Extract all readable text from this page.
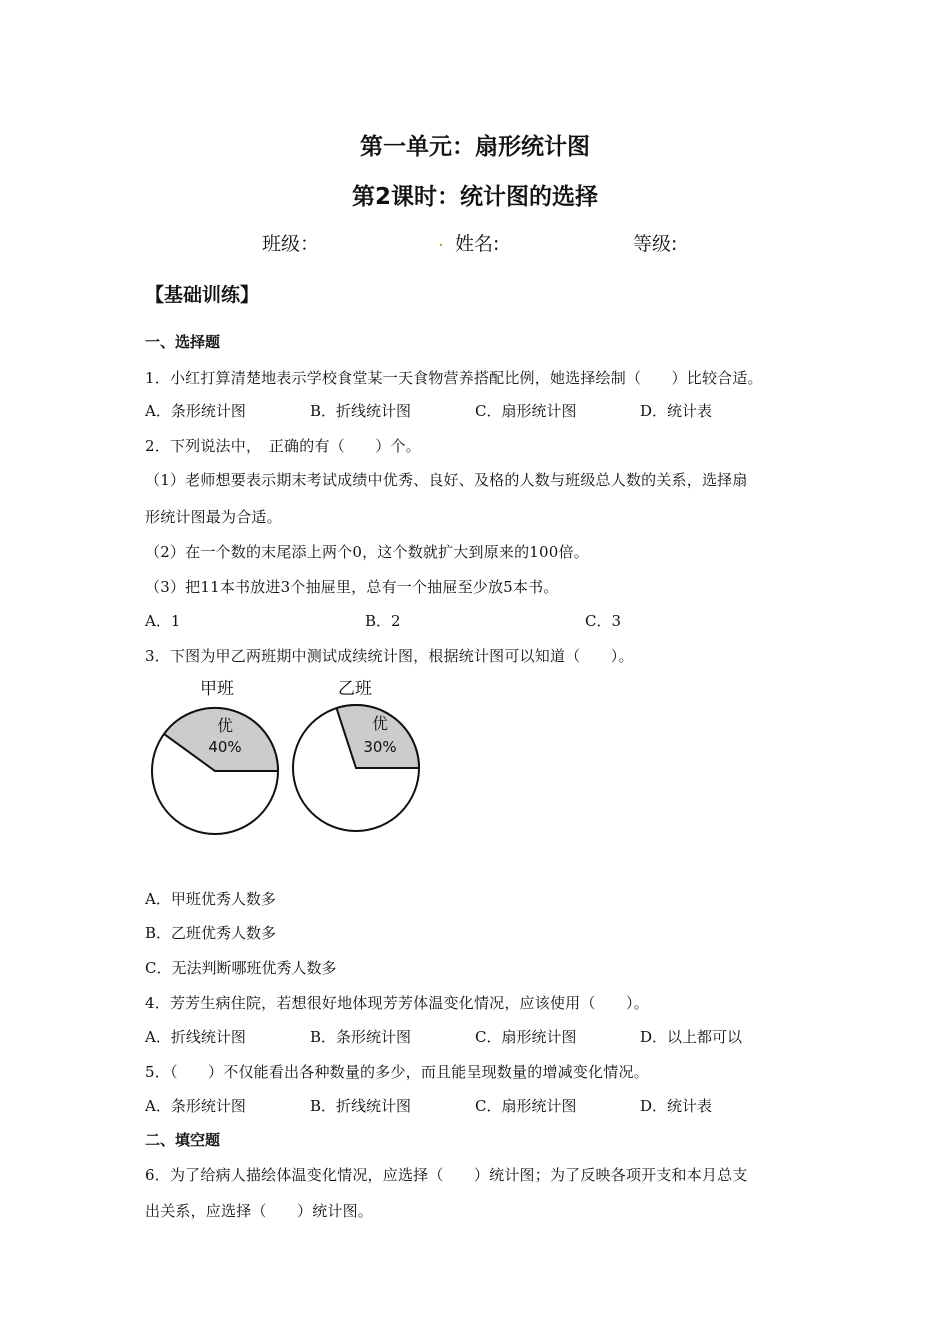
第一单元：扇形统计图
第2课时：统计图的选择
班级：	. 姓名:	等级:
【基础训练】
一、选择题
1．小红打算清楚地表示学校食堂某一天食物营养搭配比例，她选择绘制（　　）比较合适。
A．条形统计图	B．折线统计图	C．扇形统计图	D．统计表
2．下列说法中，　正确的有（　　）个。
（1）老师想要表示期末考试成绩中优秀、良好、及格的人数与班级总人数的关系，选择扇
形统计图最为合适。
（2）在一个数的末尾添上两个0，这个数就扩大到原来的100倍。
（3）把11本书放进3个抽屉里，总有一个抽屉至少放5本书。
A．1	B．2	C．3
3．下图为甲乙两班期中测试成续统计图，根据统计图可以知道（　　）。
甲班
优
40%
乙班
优
30%
A．甲班优秀人数多
B．乙班优秀人数多
C．无法判断哪班优秀人数多
4．芳芳生病住院，若想很好地体现芳芳体温变化情况，应该使用（　　）。
A．折线统计图	B．条形统计图	C．扇形统计图	D．以上都可以
5．（　　）不仅能看出各种数量的多少，而且能呈现数量的增减变化情况。
A．条形统计图	B．折线统计图	C．扇形统计图	D．统计表
二、填空题
6．为了给病人描绘体温变化情况，应选择（　　）统计图；为了反映各项开支和本月总支
出关系，应选择（　　）统计图。
